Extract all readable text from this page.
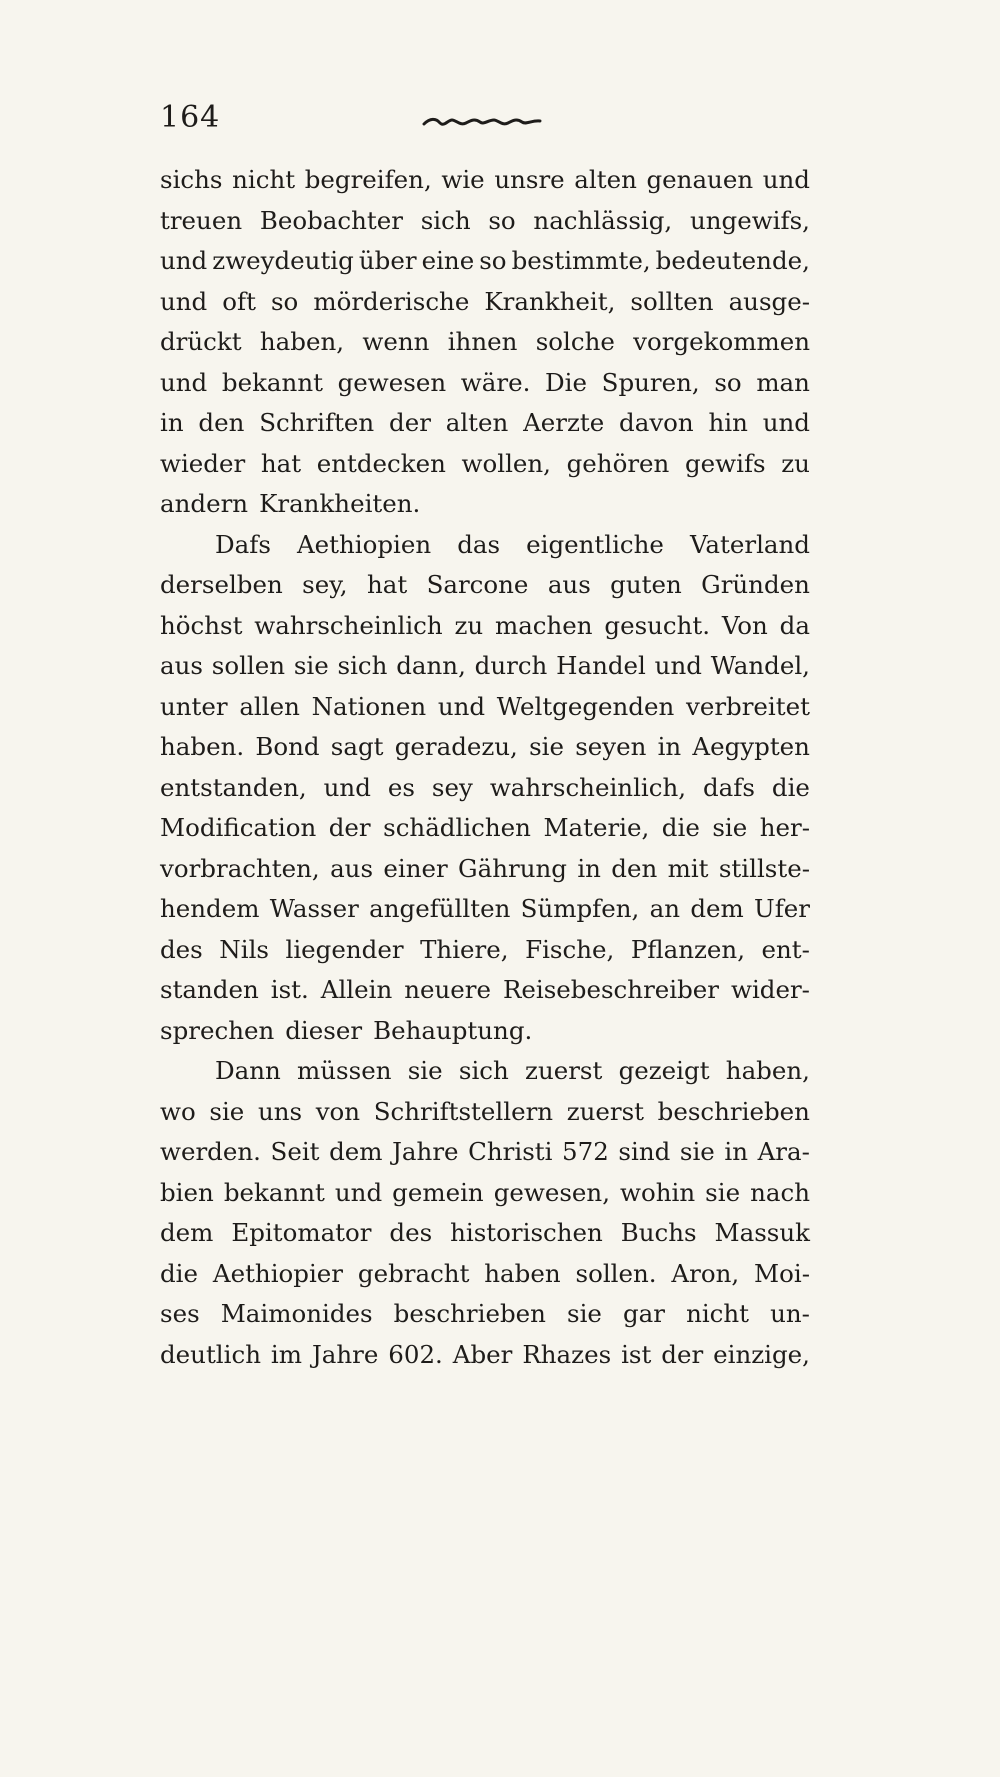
164
sichs nicht begreifen, wie unsre alten genauen und
treuen Beobachter sich so nachlässig, ungewifs,
und zweydeutig über eine so bestimmte, bedeutende,
und oft so mörderische Krankheit, sollten ausge-
drückt haben, wenn ihnen solche vorgekommen
und bekannt gewesen wäre. Die Spuren, so man
in den Schriften der alten Aerzte davon hin und
wieder hat entdecken wollen, gehören gewifs zu
andern Krankheiten.
Dafs Aethiopien das eigentliche Vaterland
derselben sey, hat Sarcone aus guten Gründen
höchst wahrscheinlich zu machen gesucht. Von da
aus sollen sie sich dann, durch Handel und Wandel,
unter allen Nationen und Weltgegenden verbreitet
haben. Bond sagt geradezu, sie seyen in Aegypten
entstanden, und es sey wahrscheinlich, dafs die
Modification der schädlichen Materie, die sie her-
vorbrachten, aus einer Gährung in den mit stillste-
hendem Wasser angefüllten Sümpfen, an dem Ufer
des Nils liegender Thiere, Fische, Pflanzen, ent-
standen ist. Allein neuere Reisebeschreiber wider-
sprechen dieser Behauptung.
Dann müssen sie sich zuerst gezeigt haben,
wo sie uns von Schriftstellern zuerst beschrieben
werden. Seit dem Jahre Christi 572 sind sie in Ara-
bien bekannt und gemein gewesen, wohin sie nach
dem Epitomator des historischen Buchs Massuk
die Aethiopier gebracht haben sollen. Aron, Moi-
ses Maimonides beschrieben sie gar nicht un-
deutlich im Jahre 602. Aber Rhazes ist der einzige,
